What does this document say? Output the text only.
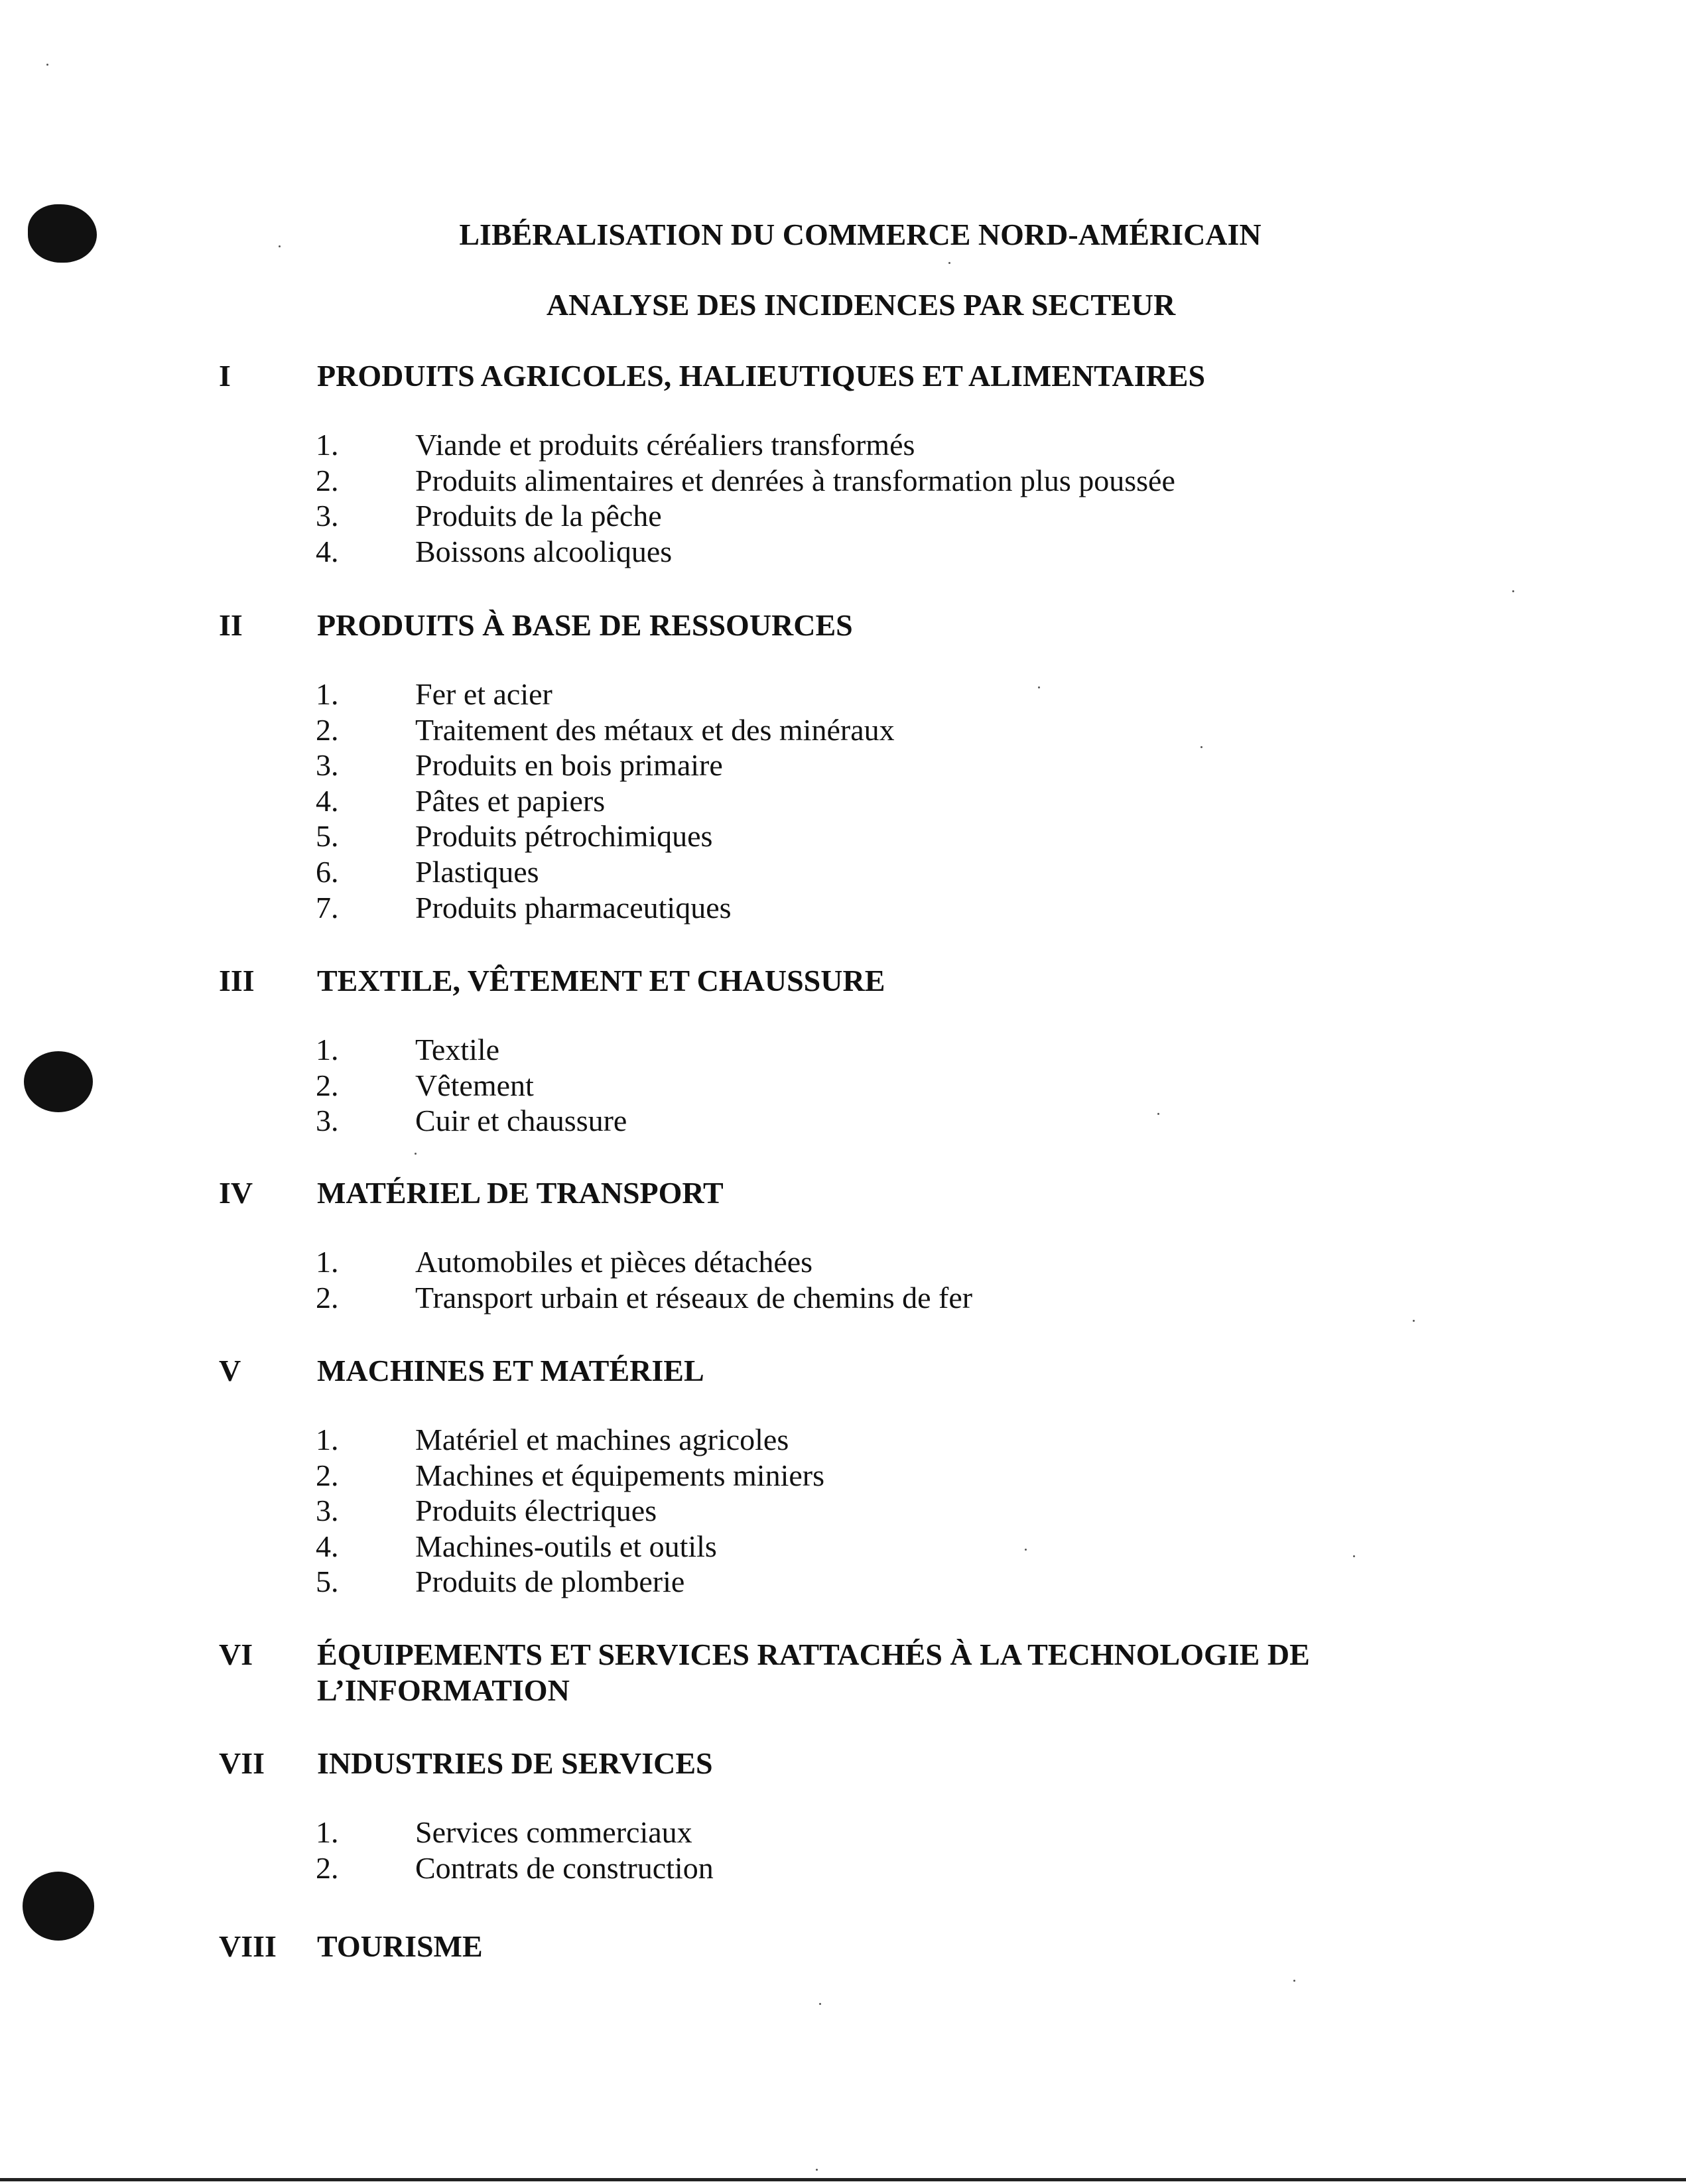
LIBÉRALISATION DU COMMERCE NORD-AMÉRICAIN
ANALYSE DES INCIDENCES PAR SECTEUR
I	PRODUITS AGRICOLES, HALIEUTIQUES ET ALIMENTAIRES
1.	Viande et produits céréaliers transformés
2.	Produits alimentaires et denrées à transformation plus poussée
3.	Produits de la pêche
4.	Boissons alcooliques
II PRODUITS À BASE DE RESSOURCES
1.	Fer et acier
2.	Traitement des métaux et des minéraux
3.	Produits en bois primaire
4.	Pâtes et papiers
5.	Produits pétrochimiques
6.	Plastiques
7.	Produits pharmaceutiques
III TEXTILE, VÊTEMENT ET CHAUSSURE
1.	Textile
2.	Vêtement
3.	Cuir et chaussure
IV MATÉRIEL DE TRANSPORT
1.	Automobiles et pièces détachées
2.	Transport urbain et réseaux de chemins de fer
V MACHINES ET MATÉRIEL
1.	Matériel et machines agricoles
2.	Machines et équipements miniers
3.	Produits électriques
4.	Machines-outils et outils
5.	Produits de plomberie
VI ÉQUIPEMENTS ET SERVICES RATTACHÉS À LA TECHNOLOGIE DE L’INFORMATION
VII INDUSTRIES DE SERVICES
1.	Services commerciaux
2.	Contrats de construction
VIII TOURISME
